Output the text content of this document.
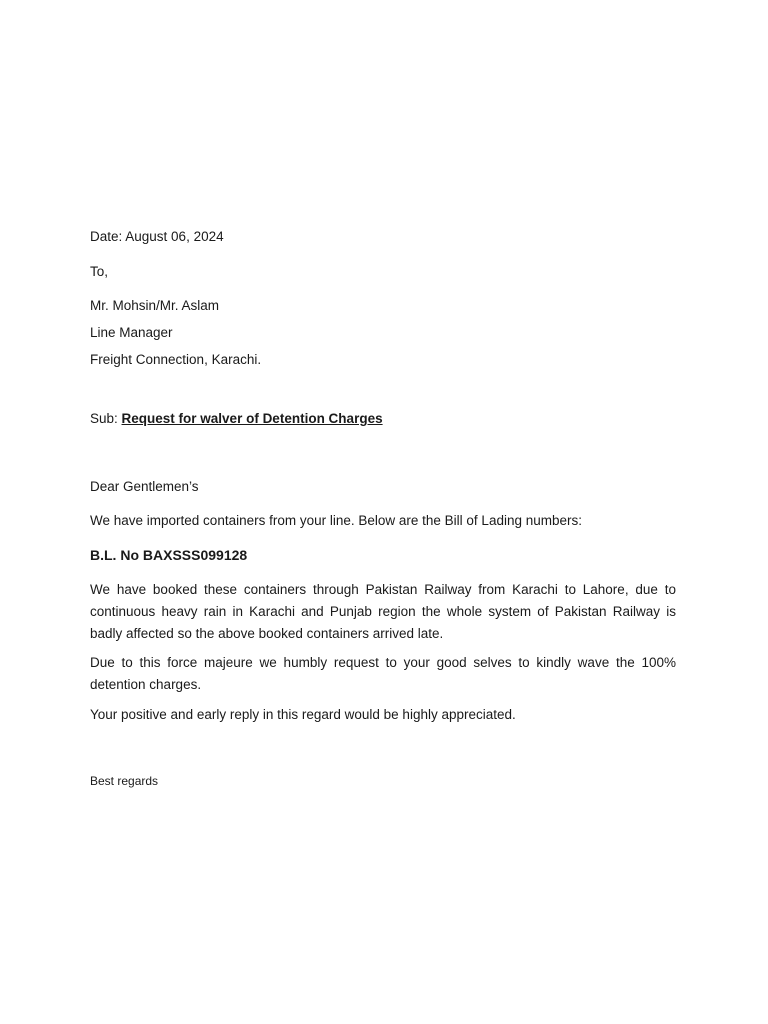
Date: August 06, 2024
To,
Mr. Mohsin/Mr. Aslam
Line Manager
Freight Connection, Karachi.
Sub: Request for walver of Detention Charges
Dear Gentlemen’s
We have imported containers from your line. Below are the Bill of Lading numbers:
B.L. No BAXSSS099128
We have booked these containers through Pakistan Railway from Karachi to Lahore, due to continuous heavy rain in Karachi and Punjab region the whole system of Pakistan Railway is badly affected so the above booked containers arrived late.
Due to this force majeure we humbly request to your good selves to kindly wave the 100% detention charges.
Your positive and early reply in this regard would be highly appreciated.
Best regards
